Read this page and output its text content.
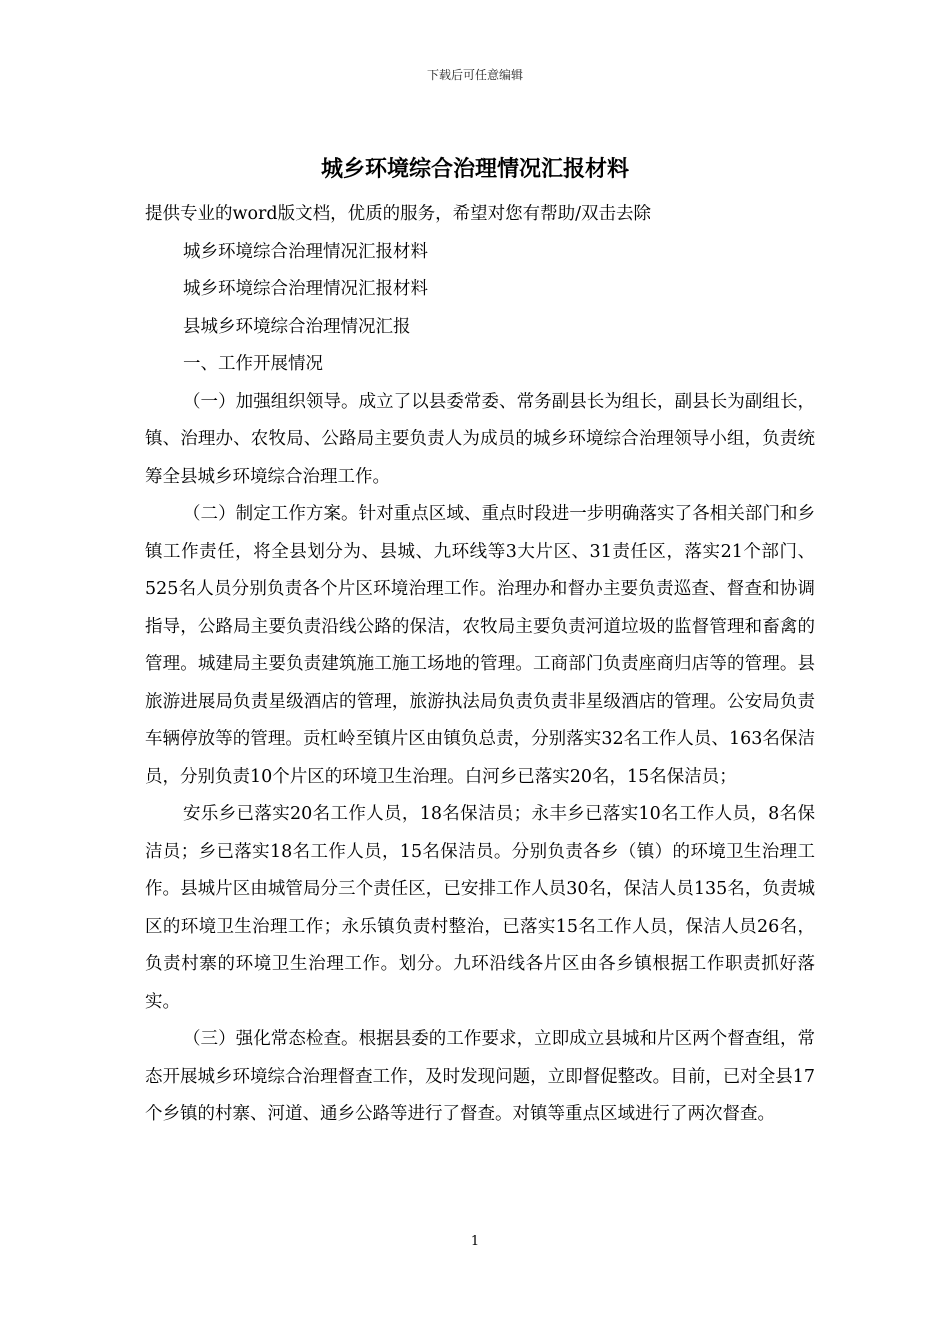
下载后可任意编辑
城乡环境综合治理情况汇报材料

提供专业的word版文档，优质的服务，希望对您有帮助/双击去除

城乡环境综合治理情况汇报材料

城乡环境综合治理情况汇报材料

县城乡环境综合治理情况汇报

一、工作开展情况

（一）加强组织领导。成立了以县委常委、常务副县长为组长，副县长为副组长，镇、治理办、农牧局、公路局主要负责人为成员的城乡环境综合治理领导小组，负责统筹全县城乡环境综合治理工作。

（二）制定工作方案。针对重点区域、重点时段进一步明确落实了各相关部门和乡镇工作责任，将全县划分为、县城、九环线等3大片区、31责任区，落实21个部门、525名人员分别负责各个片区环境治理工作。治理办和督办主要负责巡查、督查和协调指导，公路局主要负责沿线公路的保洁，农牧局主要负责河道垃圾的监督管理和畜禽的管理。城建局主要负责建筑施工施工场地的管理。工商部门负责座商归店等的管理。县旅游进展局负责星级酒店的管理，旅游执法局负责负责非星级酒店的管理。公安局负责车辆停放等的管理。贡杠岭至镇片区由镇负总责，分别落实32名工作人员、163名保洁员，分别负责10个片区的环境卫生治理。白河乡已落实20名，15名保洁员；

安乐乡已落实20名工作人员，18名保洁员；永丰乡已落实10名工作人员，8名保洁员；乡已落实18名工作人员，15名保洁员。分别负责各乡（镇）的环境卫生治理工作。县城片区由城管局分三个责任区，已安排工作人员30名，保洁人员135名，负责城区的环境卫生治理工作；永乐镇负责村整治，已落实15名工作人员，保洁人员26名，负责村寨的环境卫生治理工作。划分。九环沿线各片区由各乡镇根据工作职责抓好落实。

（三）强化常态检查。根据县委的工作要求，立即成立县城和片区两个督查组，常态开展城乡环境综合治理督查工作，及时发现问题，立即督促整改。目前，已对全县17个乡镇的村寨、河道、通乡公路等进行了督查。对镇等重点区域进行了两次督查。

1
